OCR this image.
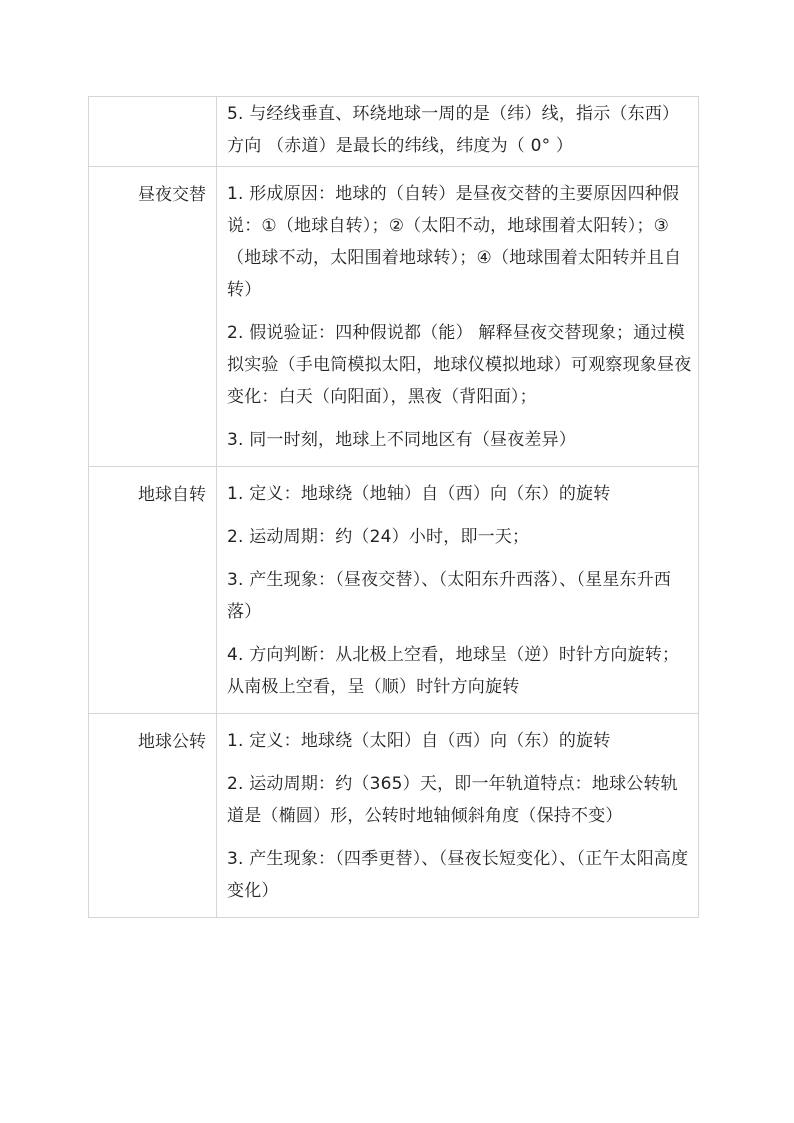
	5. 与经线垂直、环绕地球一周的是（纬）线，指示（东西）方向 （赤道）是最长的纬线，纬度为（ 0° ）

昼夜交替	1. 形成原因：地球的（自转）是昼夜交替的主要原因四种假说：①（地球自转）；②（太阳不动，地球围着太阳转）；③（地球不动，太阳围着地球转）；④（地球围着太阳转并且自转）

2. 假说验证：四种假说都（能） 解释昼夜交替现象；通过模拟实验（手电筒模拟太阳，地球仪模拟地球）可观察现象昼夜变化：白天（向阳面），黑夜（背阳面）；

3. 同一时刻，地球上不同地区有（昼夜差异）

地球自转	1. 定义：地球绕（地轴）自（西）向（东）的旋转

2. 运动周期：约（24）小时，即一天；

3. 产生现象：（昼夜交替）、（太阳东升西落）、（星星东升西落）

4. 方向判断：从北极上空看，地球呈（逆）时针方向旋转；从南极上空看，呈（顺）时针方向旋转

地球公转	1. 定义：地球绕（太阳）自（西）向（东）的旋转

2. 运动周期：约（365）天，即一年轨道特点：地球公转轨道是（椭圆）形，公转时地轴倾斜角度（保持不变）

3. 产生现象：（四季更替）、（昼夜长短变化）、（正午太阳高度变化）
